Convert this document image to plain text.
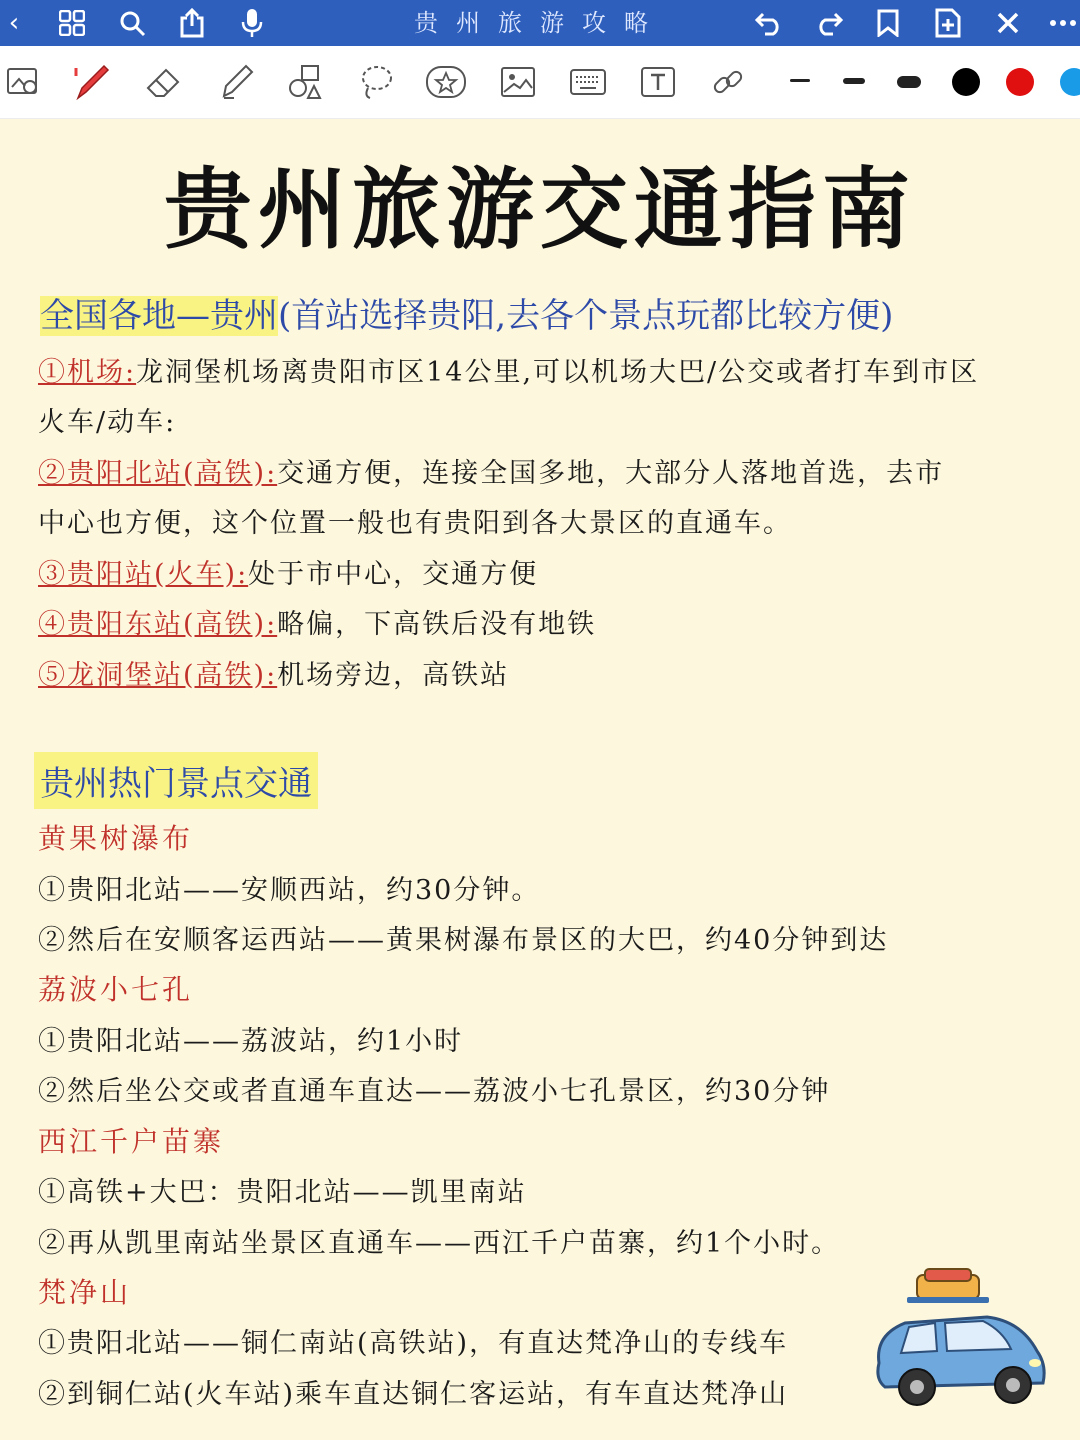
‹	贵州旅游攻略
贵州旅游交通指南
全国各地—贵州(首站选择贵阳,去各个景点玩都比较方便)
①机场:龙洞堡机场离贵阳市区14公里,可以机场大巴/公交或者打车到市区
火车/动车:
②贵阳北站(高铁):交通方便，连接全国多地，大部分人落地首选，去市
中心也方便，这个位置一般也有贵阳到各大景区的直通车。
③贵阳站(火车):处于市中心，交通方便
④贵阳东站(高铁):略偏，下高铁后没有地铁
⑤龙洞堡站(高铁):机场旁边，高铁站
贵州热门景点交通
黄果树瀑布
①贵阳北站——安顺西站，约30分钟。
②然后在安顺客运西站——黄果树瀑布景区的大巴，约40分钟到达
荔波小七孔
①贵阳北站——荔波站，约1小时
②然后坐公交或者直通车直达——荔波小七孔景区，约30分钟
西江千户苗寨
①高铁+大巴：贵阳北站——凯里南站
②再从凯里南站坐景区直通车——西江千户苗寨，约1个小时。
梵净山
①贵阳北站——铜仁南站(高铁站)，有直达梵净山的专线车
②到铜仁站(火车站)乘车直达铜仁客运站，有车直达梵净山
